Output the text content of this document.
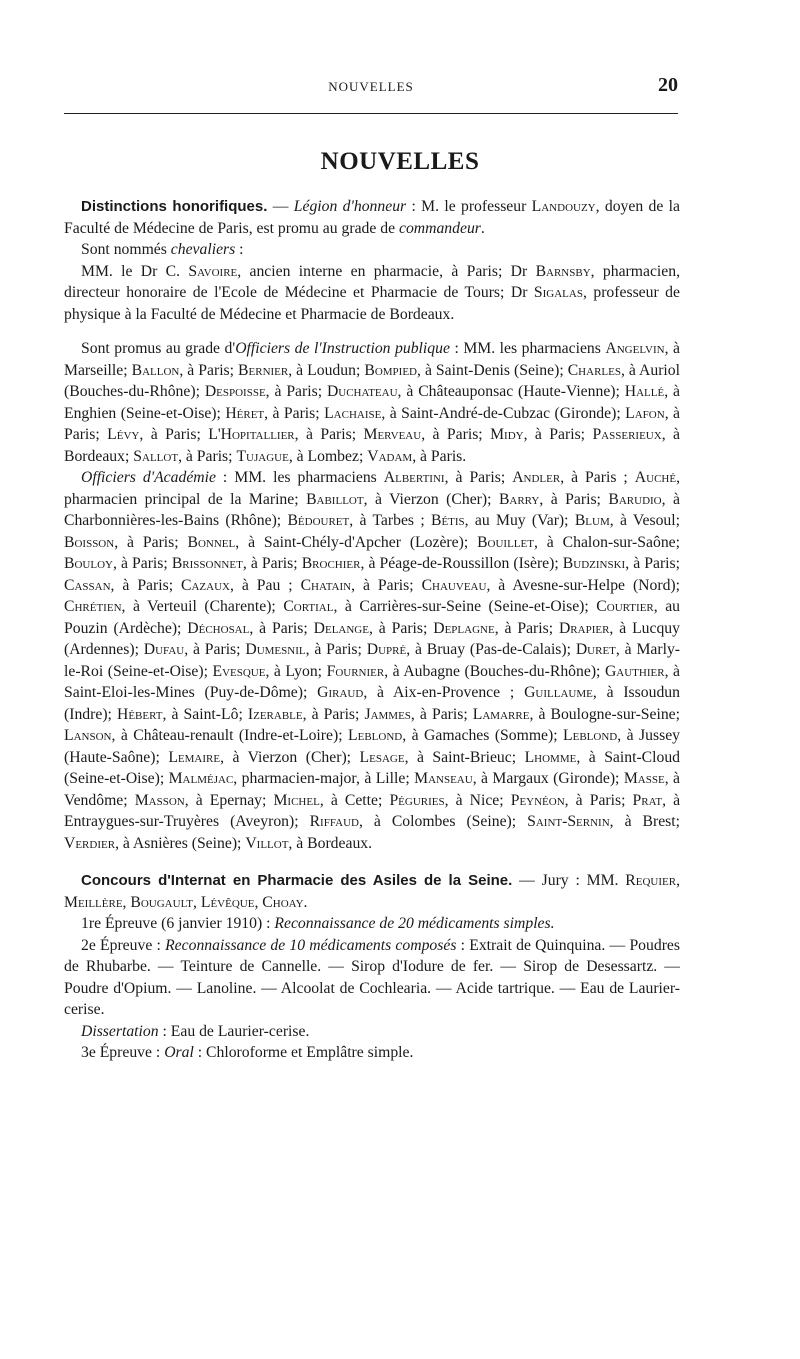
NOUVELLES	20
NOUVELLES

Distinctions honorifiques. — Légion d'honneur : M. le professeur Landouzy, doyen de la Faculté de Médecine de Paris, est promu au grade de commandeur.

Sont nommés chevaliers :

MM. le Dr C. Savoire, ancien interne en pharmacie, à Paris; Dr Barnsby, pharmacien, directeur honoraire de l'Ecole de Médecine et Pharmacie de Tours; Dr Sigalas, professeur de physique à la Faculté de Médecine et Pharmacie de Bordeaux.

Sont promus au grade d'Officiers de l'Instruction publique : MM. les pharmaciens Angelvin, à Marseille; Ballon, à Paris; Bernier, à Loudun; Bompied, à Saint-Denis (Seine); Charles, à Auriol (Bouches-du-Rhône); Despoisse, à Paris; Duchateau, à Châteauponsac (Haute-Vienne); Hallé, à Enghien (Seine-et-Oise); Héret, à Paris; Lachaise, à Saint-André-de-Cubzac (Gironde); Lafon, à Paris; Lévy, à Paris; L'Hopitallier, à Paris; Merveau, à Paris; Midy, à Paris; Passerieux, à Bordeaux; Sallot, à Paris; Tujague, à Lombez; Vadam, à Paris.

Officiers d'Académie : MM. les pharmaciens Albertini, à Paris; Andler, à Paris ; Auché, pharmacien principal de la Marine; Babillot, à Vierzon (Cher); Barry, à Paris; Barudio, à Charbonnières-les-Bains (Rhône); Bédouret, à Tarbes ; Bétis, au Muy (Var); Blum, à Vesoul; Boisson, à Paris; Bonnel, à Saint-Chély-d'Apcher (Lozère); Bouillet, à Chalon-sur-Saône; Bouloy, à Paris; Brissonnet, à Paris; Brochier, à Péage-de-Roussillon (Isère); Budzinski, à Paris; Cassan, à Paris; Cazaux, à Pau ; Chatain, à Paris; Chauveau, à Avesne-sur-Helpe (Nord); Chrétien, à Verteuil (Charente); Cortial, à Carrières-sur-Seine (Seine-et-Oise); Courtier, au Pouzin (Ardèche); Déchosal, à Paris; Delange, à Paris; Deplagne, à Paris; Drapier, à Lucquy (Ardennes); Dufau, à Paris; Dumesnil, à Paris; Dupré, à Bruay (Pas-de-Calais); Duret, à Marly-le-Roi (Seine-et-Oise); Evesque, à Lyon; Fournier, à Aubagne (Bouches-du-Rhône); Gauthier, à Saint-Eloi-les-Mines (Puy-de-Dôme); Giraud, à Aix-en-Provence ; Guillaume, à Issoudun (Indre); Hébert, à Saint-Lô; Izerable, à Paris; Jammes, à Paris; Lamarre, à Boulogne-sur-Seine; Lanson, à Château-renault (Indre-et-Loire); Leblond, à Gamaches (Somme); Leblond, à Jussey (Haute-Saône); Lemaire, à Vierzon (Cher); Lesage, à Saint-Brieuc; Lhomme, à Saint-Cloud (Seine-et-Oise); Malméjac, pharmacien-major, à Lille; Manseau, à Margaux (Gironde); Masse, à Vendôme; Masson, à Epernay; Michel, à Cette; Péguries, à Nice; Peynéon, à Paris; Prat, à Entraygues-sur-Truyères (Aveyron); Riffaud, à Colombes (Seine); Saint-Sernin, à Brest; Verdier, à Asnières (Seine); Villot, à Bordeaux.

Concours d'Internat en Pharmacie des Asiles de la Seine. — Jury : MM. Requier, Meillère, Bougault, Lévêque, Choay.

1re Épreuve (6 janvier 1910) : Reconnaissance de 20 médicaments simples.

2e Épreuve : Reconnaissance de 10 médicaments composés : Extrait de Quinquina. — Poudres de Rhubarbe. — Teinture de Cannelle. — Sirop d'Iodure de fer. — Sirop de Desessartz. — Poudre d'Opium. — Lanoline. — Alcoolat de Cochlearia. — Acide tartrique. — Eau de Laurier-cerise.

Dissertation : Eau de Laurier-cerise.

3e Épreuve : Oral : Chloroforme et Emplâtre simple.
